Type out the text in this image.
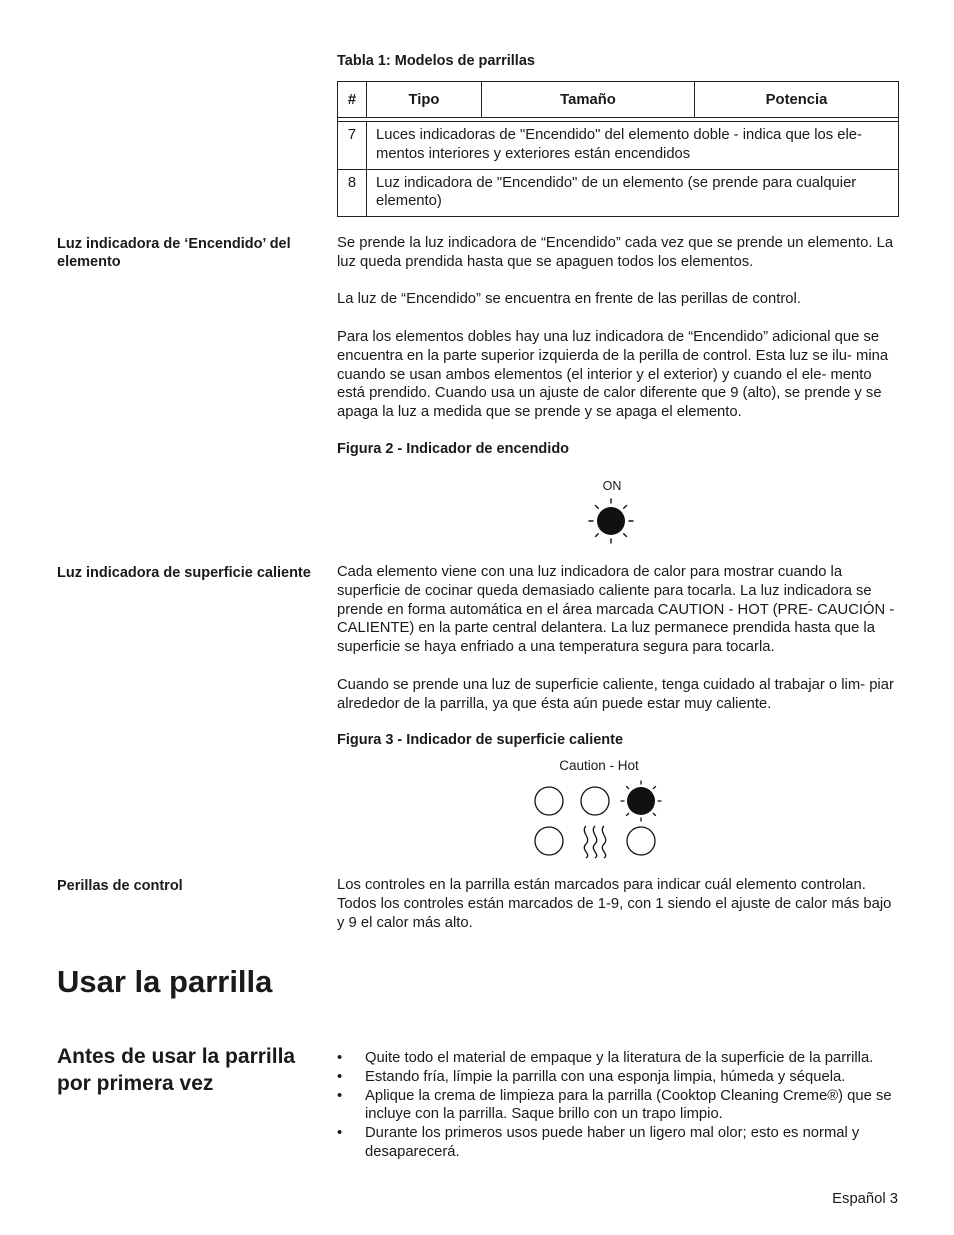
Tabla 1: Modelos de parrillas
#	Tipo	Tamaño	Potencia

7	Luces indicadoras de "Encendido" del elemento doble - indica que los ele- mentos interiores y exteriores están encendidos		
8	Luz indicadora de "Encendido" de un elemento (se prende para cualquier elemento)		
Luz indicadora de ‘Encendido’ del elemento
Se prende la luz indicadora de “Encendido” cada vez que se prende un elemento. La luz queda prendida hasta que se apaguen todos los elementos.
La luz de “Encendido” se encuentra en frente de las perillas de control.
Para los elementos dobles hay una luz indicadora de “Encendido” adicional que se encuentra en la parte superior izquierda de la perilla de control. Esta luz se ilu- mina cuando se usan ambos elementos (el interior y el exterior) y cuando el ele- mento está prendido. Cuando usa un ajuste de calor diferente que 9 (alto), se prende y se apaga la luz a medida que se prende y se apaga el elemento.
Figura 2 - Indicador de encendido
ON
Luz indicadora de superficie caliente	Cada elemento viene con una luz indicadora de calor para mostrar cuando la superficie de cocinar queda demasiado caliente para tocarla. La luz indicadora se prende en forma automática en el área marcada CAUTION - HOT (PRE- CAUCIÓN - CALIENTE) en la parte central delantera. La luz permanece prendida hasta que la superficie se haya enfriado a una temperatura segura para tocarla.
Cuando se prende una luz de superficie caliente, tenga cuidado al trabajar o lim- piar alrededor de la parrilla, ya que ésta aún puede estar muy caliente.
Figura 3 - Indicador de superficie caliente
Caution - Hot
Perillas de control	Los controles en la parrilla están marcados para indicar cuál elemento controlan. Todos los controles están marcados de 1-9, con 1 siendo el ajuste de calor más bajo y 9 el calor más alto.
Usar la parrilla
Antes de usar la parrilla por primera vez
• Quite todo el material de empaque y la literatura de la superficie de la parrilla.
• Estando fría, límpie la parrilla con una esponja limpia, húmeda y séquela.
• Aplique la crema de limpieza para la parrilla (Cooktop Cleaning Creme®) que se incluye con la parrilla. Saque brillo con un trapo limpio.
• Durante los primeros usos puede haber un ligero mal olor; esto es normal y desaparecerá.
Español 3
